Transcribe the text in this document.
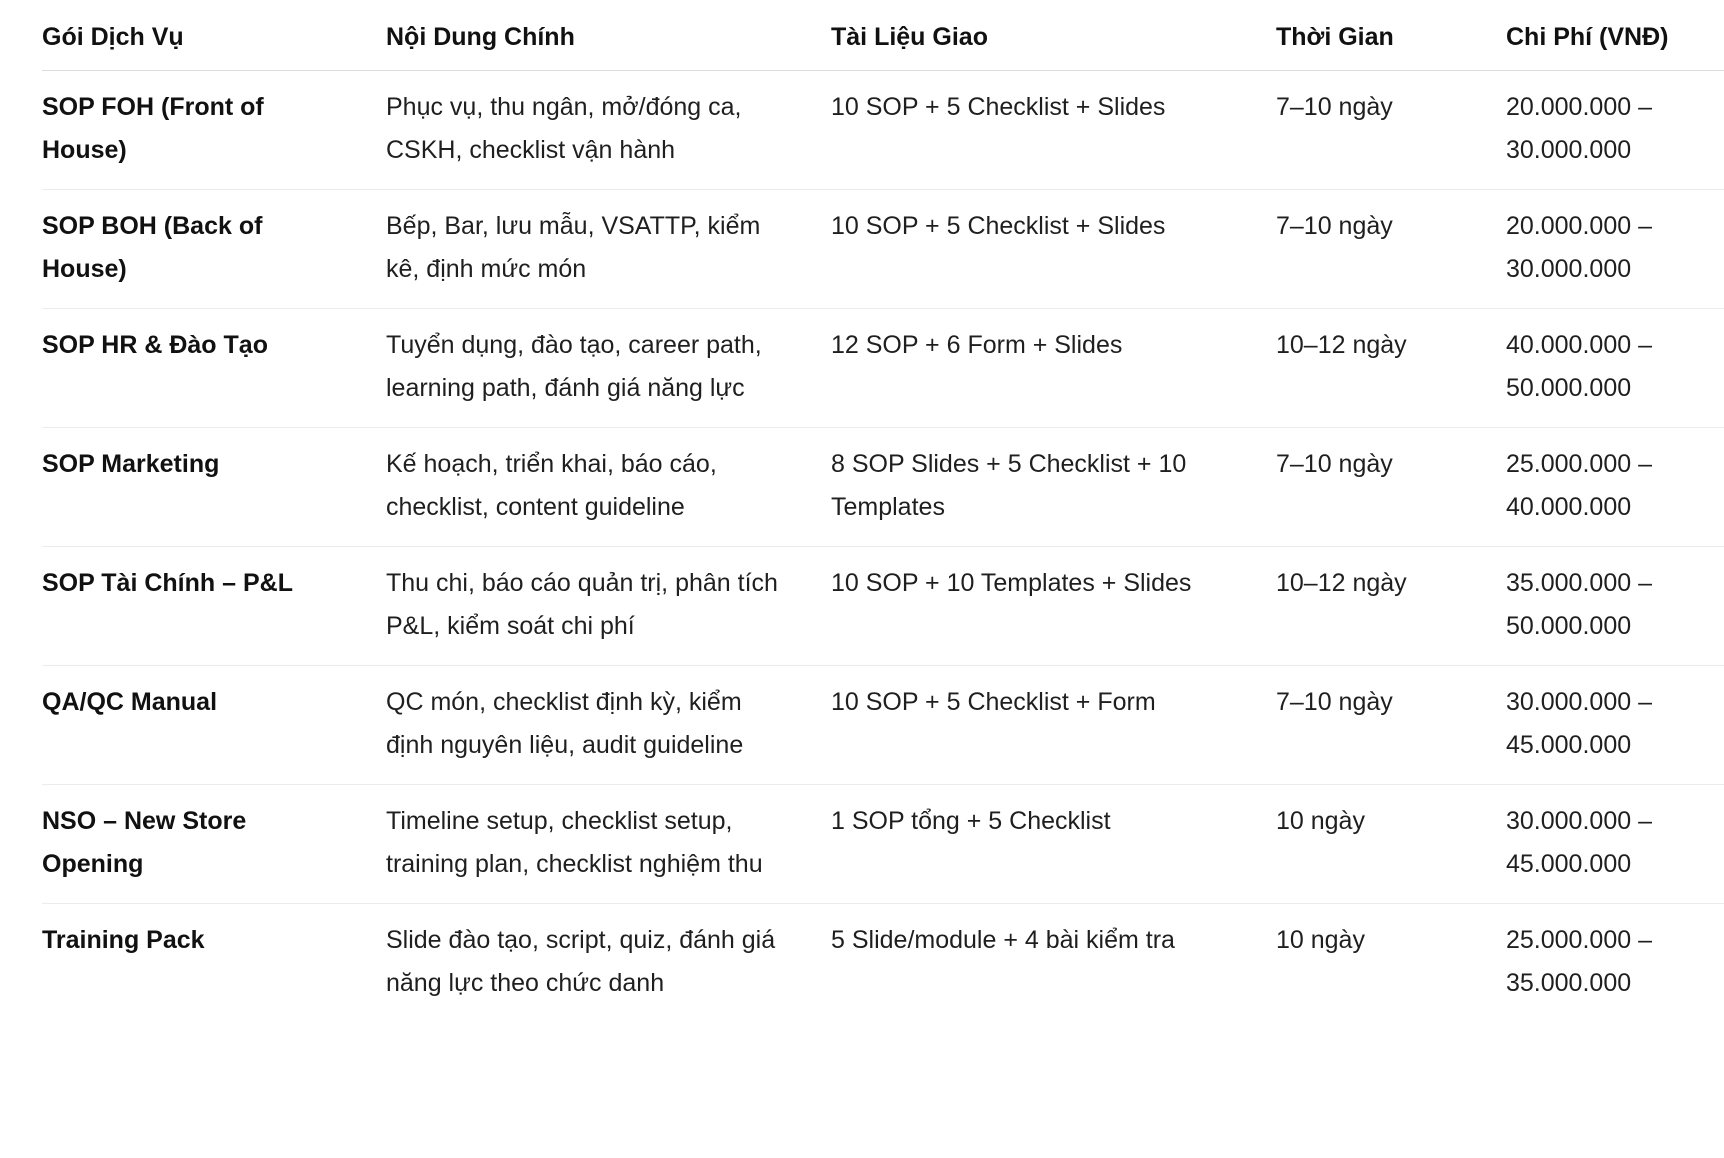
Gói Dịch Vụ	Nội Dung Chính	Tài Liệu Giao	Thời Gian	Chi Phí (VNĐ)

SOP FOH (Front of House)	Phục vụ, thu ngân, mở/đóng ca, CSKH, checklist vận hành	10 SOP + 5 Checklist + Slides	7–10 ngày	20.000.000 – 30.000.000

SOP BOH (Back of House)	Bếp, Bar, lưu mẫu, VSATTP, kiểm kê, định mức món	10 SOP + 5 Checklist + Slides	7–10 ngày	20.000.000 – 30.000.000

SOP HR & Đào Tạo	Tuyển dụng, đào tạo, career path, learning path, đánh giá năng lực	12 SOP + 6 Form + Slides	10–12 ngày	40.000.000 – 50.000.000

SOP Marketing	Kế hoạch, triển khai, báo cáo, checklist, content guideline	8 SOP Slides + 5 Checklist + 10 Templates	7–10 ngày	25.000.000 – 40.000.000

SOP Tài Chính – P&L	Thu chi, báo cáo quản trị, phân tích P&L, kiểm soát chi phí	10 SOP + 10 Templates + Slides	10–12 ngày	35.000.000 – 50.000.000

QA/QC Manual	QC món, checklist định kỳ, kiểm định nguyên liệu, audit guideline	10 SOP + 5 Checklist + Form	7–10 ngày	30.000.000 – 45.000.000

NSO – New Store Opening	Timeline setup, checklist setup, training plan, checklist nghiệm thu	1 SOP tổng + 5 Checklist	10 ngày	30.000.000 – 45.000.000

Training Pack	Slide đào tạo, script, quiz, đánh giá năng lực theo chức danh	5 Slide/module + 4 bài kiểm tra	10 ngày	25.000.000 – 35.000.000
